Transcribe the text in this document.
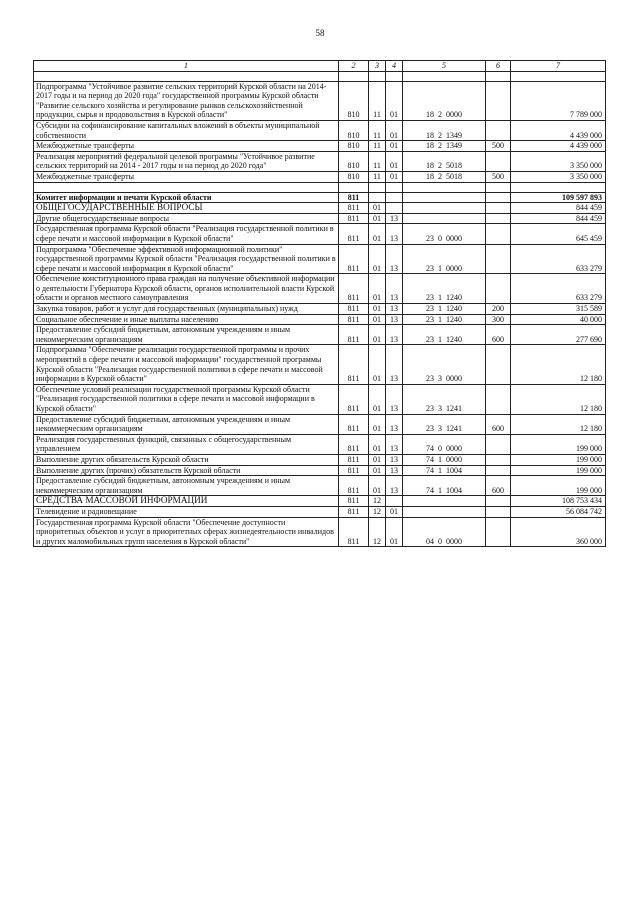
58
1	2	3	4	5	6	7

Подпрограмма "Устойчивое развитие сельских территорий Курской области на 2014-2017 годы и на период до 2020 года" государственной программы Курской области "Развитие сельского хозяйства и регулирование рынков сельскохозяйственной продукции, сырья и продовольствия в Курской области"	810	11	01	18  2  0000		7 789 000
Субсидии на софинансирование капитальных вложений в объекты муниципальной собственности	810	11	01	18  2  1349		4 439 000
Межбюджетные трансферты	810	11	01	18  2  1349	500	4 439 000
Реализация мероприятий федеральной целевой программы "Устойчивое развитие сельских территорий на 2014 - 2017 годы и на период до 2020 года"	810	11	01	18  2  5018		3 350 000
Межбюджетные трансферты	810	11	01	18  2  5018	500	3 350 000

Комитет информации и печати Курской области	811					109 597 893
ОБЩЕГОСУДАРСТВЕННЫЕ ВОПРОСЫ	811	01				844 459
Другие общегосударственные вопросы	811	01	13			844 459
Государственная программа Курской области "Реализация государственной политики в сфере печати и массовой информации в Курской области"	811	01	13	23  0  0000		645 459
Подпрограмма "Обеспечение эффективной информационной политики" государственной программы Курской области "Реализация государственной политики в сфере печати и массовой информации в Курской области"	811	01	13	23  1  0000		633 279
Обеспечение конституционного права граждан на получение объективной информации о деятельности Губернатора Курской области, органов исполнительной власти Курской области и органов местного самоуправления	811	01	13	23  1  1240		633 279
Закупка товаров, работ и услуг для государственных (муниципальных) нужд	811	01	13	23  1  1240	200	315 589
Социальное обеспечение и иные выплаты населению	811	01	13	23  1  1240	300	40 000
Предоставление субсидий бюджетным, автономным учреждениям и иным некоммерческим организациям	811	01	13	23  1  1240	600	277 690
Подпрограмма "Обеспечение реализации государственной программы и прочих мероприятий в сфере печати и массовой информации" государственной программы Курской области "Реализация государственной политики в сфере печати и массовой информации в Курской области"	811	01	13	23  3  0000		12 180
Обеспечение условий реализации государственной программы Курской области "Реализация государственной политики в сфере печати и массовой информации в Курской области"	811	01	13	23  3  1241		12 180
Предоставление субсидий бюджетным, автономным учреждениям и иным некоммерческим организациям	811	01	13	23  3  1241	600	12 180
Реализация государственных функций, связанных с общегосударственным управлением	811	01	13	74  0  0000		199 000
Выполнение других обязательств Курской области	811	01	13	74  1  0000		199 000
Выполнение других (прочих) обязательств Курской области	811	01	13	74  1  1004		199 000
Предоставление субсидий бюджетным, автономным учреждениям и иным некоммерческим организациям	811	01	13	74  1  1004	600	199 000
СРЕДСТВА МАССОВОЙ ИНФОРМАЦИИ	811	12				108 753 434
Телевидение и радиовещание	811	12	01			56 084 742
Государственная программа Курской области "Обеспечение доступности приоритетных объектов и услуг в приоритетных сферах жизнедеятельности инвалидов и других маломобильных групп населения в Курской области"	811	12	01	04  0  0000		360 000
